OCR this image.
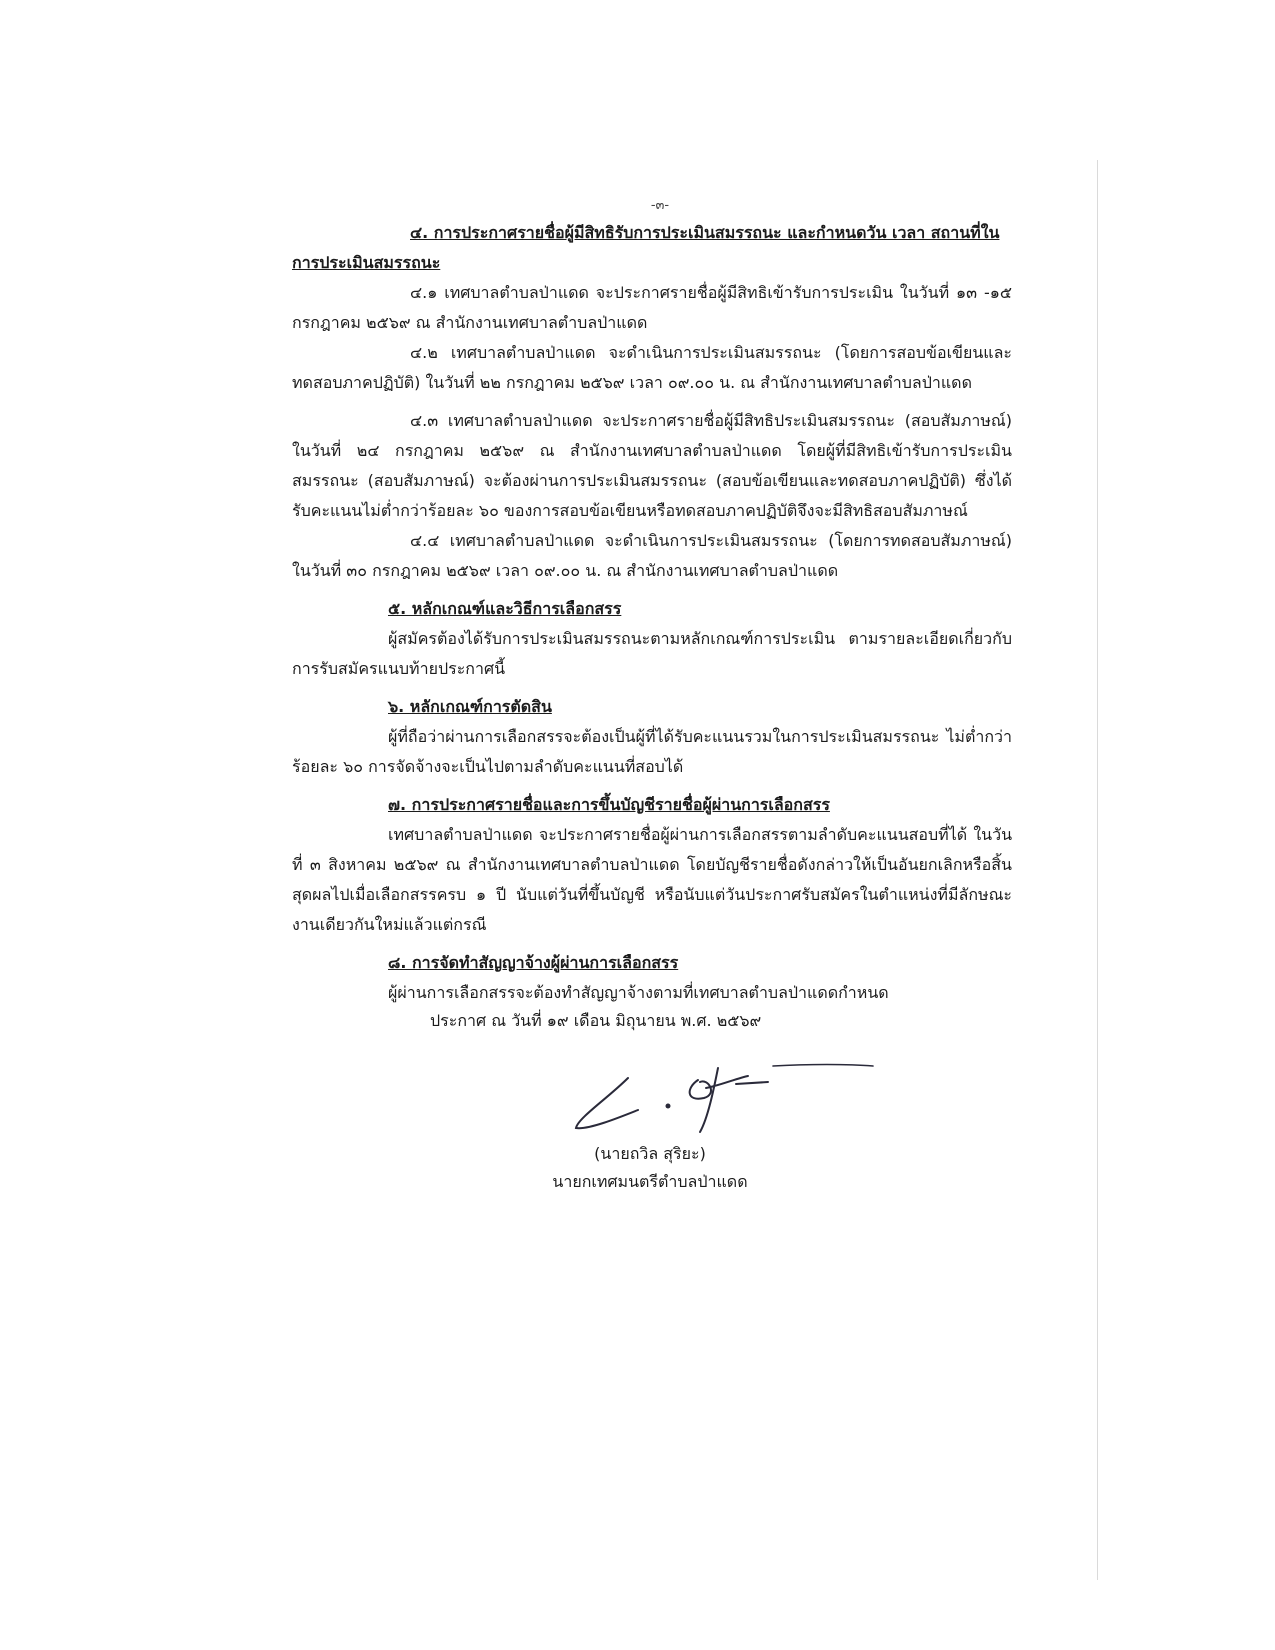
-๓-

๔. การประกาศรายชื่อผู้มีสิทธิรับการประเมินสมรรถนะ และกำหนดวัน เวลา สถานที่ในการประเมินสมรรถนะ

๔.๑ เทศบาลตำบลป่าแดด จะประกาศรายชื่อผู้มีสิทธิเข้ารับการประเมิน ในวันที่ ๑๓ -๑๕ กรกฎาคม ๒๕๖๙ ณ สำนักงานเทศบาลตำบลป่าแดด

๔.๒ เทศบาลตำบลป่าแดด จะดำเนินการประเมินสมรรถนะ (โดยการสอบข้อเขียนและทดสอบภาคปฏิบัติ) ในวันที่ ๒๒ กรกฎาคม ๒๕๖๙ เวลา ๐๙.๐๐ น. ณ สำนักงานเทศบาลตำบลป่าแดด

๔.๓ เทศบาลตำบลป่าแดด จะประกาศรายชื่อผู้มีสิทธิประเมินสมรรถนะ (สอบสัมภาษณ์) ในวันที่ ๒๔ กรกฎาคม ๒๕๖๙ ณ สำนักงานเทศบาลตำบลป่าแดด โดยผู้ที่มีสิทธิเข้ารับการประเมินสมรรถนะ (สอบสัมภาษณ์) จะต้องผ่านการประเมินสมรรถนะ (สอบข้อเขียนและทดสอบภาคปฏิบัติ) ซึ่งได้รับคะแนนไม่ต่ำกว่าร้อยละ ๖๐ ของการสอบข้อเขียนหรือทดสอบภาคปฏิบัติจึงจะมีสิทธิสอบสัมภาษณ์

๔.๔ เทศบาลตำบลป่าแดด จะดำเนินการประเมินสมรรถนะ (โดยการทดสอบสัมภาษณ์) ในวันที่ ๓๐ กรกฎาคม ๒๕๖๙ เวลา ๐๙.๐๐ น. ณ สำนักงานเทศบาลตำบลป่าแดด

๕. หลักเกณฑ์และวิธีการเลือกสรร

ผู้สมัครต้องได้รับการประเมินสมรรถนะตามหลักเกณฑ์การประเมิน ตามรายละเอียดเกี่ยวกับการรับสมัครแนบท้ายประกาศนี้

๖. หลักเกณฑ์การตัดสิน

ผู้ที่ถือว่าผ่านการเลือกสรรจะต้องเป็นผู้ที่ได้รับคะแนนรวมในการประเมินสมรรถนะ ไม่ต่ำกว่าร้อยละ ๖๐ การจัดจ้างจะเป็นไปตามลำดับคะแนนที่สอบได้

๗. การประกาศรายชื่อและการขึ้นบัญชีรายชื่อผู้ผ่านการเลือกสรร

เทศบาลตำบลป่าแดด จะประกาศรายชื่อผู้ผ่านการเลือกสรรตามลำดับคะแนนสอบที่ได้ ในวันที่ ๓ สิงหาคม ๒๕๖๙ ณ สำนักงานเทศบาลตำบลป่าแดด โดยบัญชีรายชื่อดังกล่าวให้เป็นอันยกเลิกหรือสิ้นสุดผลไปเมื่อเลือกสรรครบ ๑ ปี นับแต่วันที่ขึ้นบัญชี หรือนับแต่วันประกาศรับสมัครในตำแหน่งที่มีลักษณะงานเดียวกันใหม่แล้วแต่กรณี

๘. การจัดทำสัญญาจ้างผู้ผ่านการเลือกสรร

ผู้ผ่านการเลือกสรรจะต้องทำสัญญาจ้างตามที่เทศบาลตำบลป่าแดดกำหนด

ประกาศ ณ วันที่ ๑๙ เดือน มิถุนายน พ.ศ. ๒๕๖๙

(นายถวิล สุริยะ)
นายกเทศมนตรีตำบลป่าแดด
